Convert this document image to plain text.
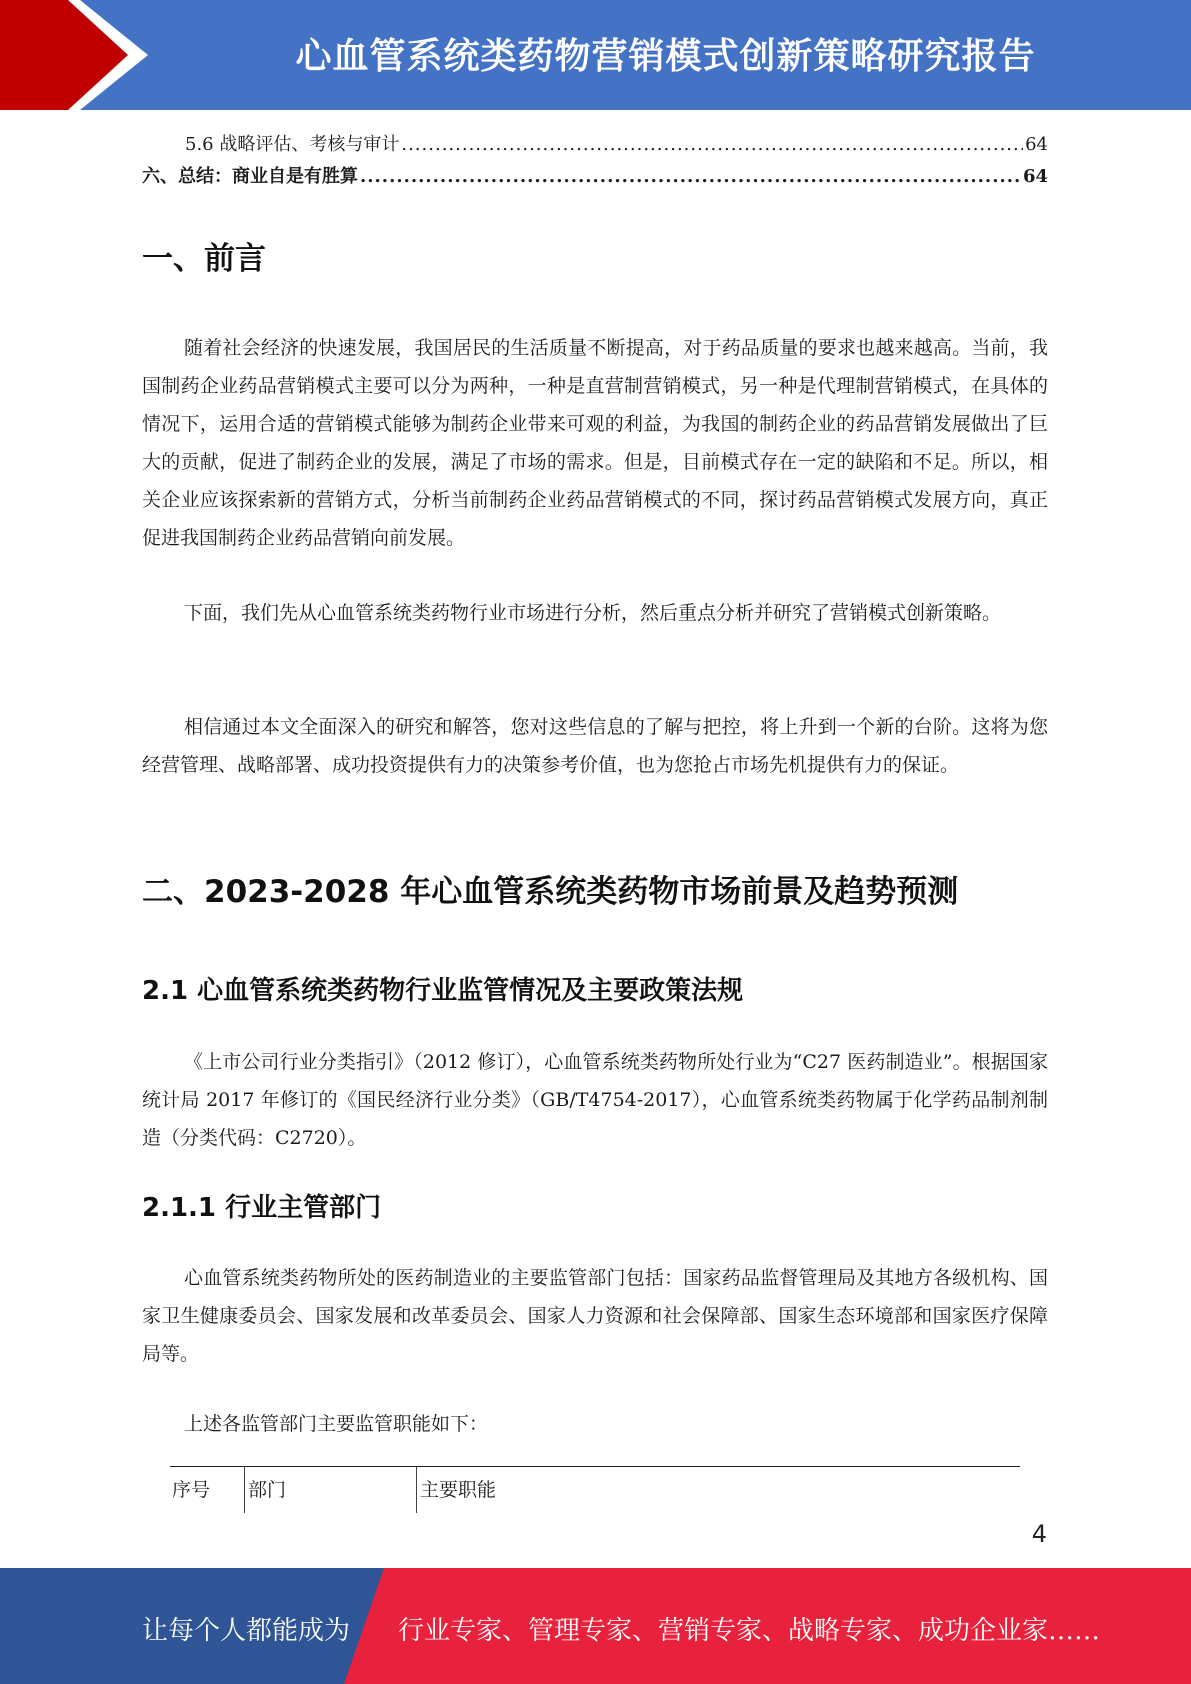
心血管系统类药物营销模式创新策略研究报告
5.6 战略评估、考核与审计 .....	64
六、总结：商业自是有胜算 .....	64
一、前言
随着社会经济的快速发展，我国居民的生活质量不断提高，对于药品质量的要求也越来越高。当前，我国制药企业药品营销模式主要可以分为两种，一种是直营制营销模式，另一种是代理制营销模式，在具体的情况下，运用合适的营销模式能够为制药企业带来可观的利益，为我国的制药企业的药品营销发展做出了巨大的贡献，促进了制药企业的发展，满足了市场的需求。但是，目前模式存在一定的缺陷和不足。所以，相关企业应该探索新的营销方式，分析当前制药企业药品营销模式的不同，探讨药品营销模式发展方向，真正促进我国制药企业药品营销向前发展。
下面，我们先从心血管系统类药物行业市场进行分析，然后重点分析并研究了营销模式创新策略。
相信通过本文全面深入的研究和解答，您对这些信息的了解与把控，将上升到一个新的台阶。这将为您经营管理、战略部署、成功投资提供有力的决策参考价值，也为您抢占市场先机提供有力的保证。
二、2023-2028 年心血管系统类药物市场前景及趋势预测
2.1 心血管系统类药物行业监管情况及主要政策法规
《上市公司行业分类指引》（2012 修订），心血管系统类药物所处行业为“C27 医药制造业”。根据国家统计局 2017 年修订的《国民经济行业分类》（GB/T4754-2017），心血管系统类药物属于化学药品制剂制造（分类代码：C2720）。
2.1.1 行业主管部门
心血管系统类药物所处的医药制造业的主要监管部门包括：国家药品监督管理局及其地方各级机构、国家卫生健康委员会、国家发展和改革委员会、国家人力资源和社会保障部、国家生态环境部和国家医疗保障局等。
上述各监管部门主要监管职能如下：
序号	部门	主要职能
4
让每个人都能成为 行业专家、管理专家、营销专家、战略专家、成功企业家……
